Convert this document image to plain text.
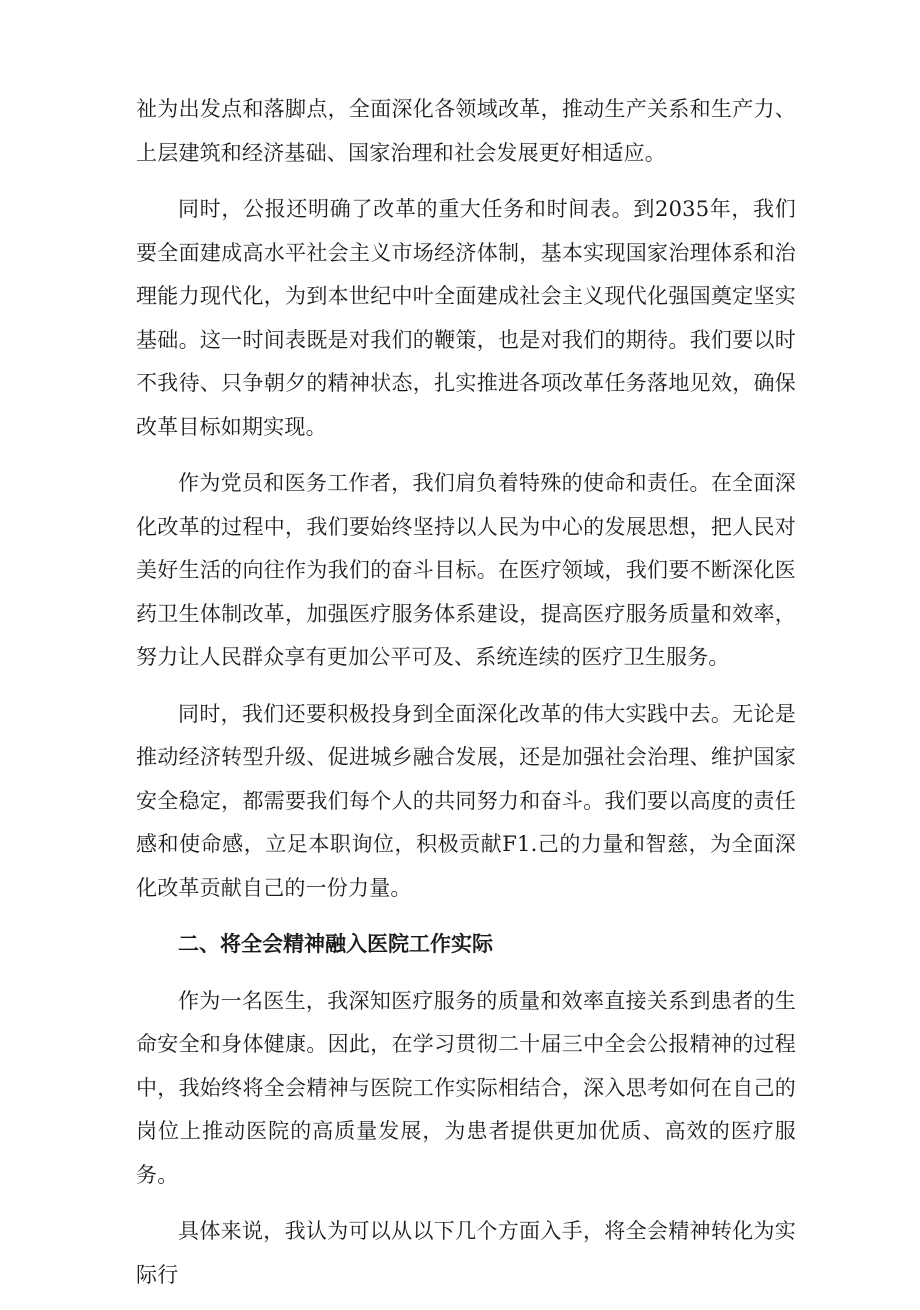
祉为出发点和落脚点，全面深化各领域改革，推动生产关系和生产力、上层建筑和经济基础、国家治理和社会发展更好相适应。

同时，公报还明确了改革的重大任务和时间表。到2035年，我们要全面建成高水平社会主义市场经济体制，基本实现国家治理体系和治理能力现代化，为到本世纪中叶全面建成社会主义现代化强国奠定坚实基础。这一时间表既是对我们的鞭策，也是对我们的期待。我们要以时不我待、只争朝夕的精神状态，扎实推进各项改革任务落地见效，确保改革目标如期实现。

作为党员和医务工作者，我们肩负着特殊的使命和责任。在全面深化改革的过程中，我们要始终坚持以人民为中心的发展思想，把人民对美好生活的向往作为我们的奋斗目标。在医疗领域，我们要不断深化医药卫生体制改革，加强医疗服务体系建设，提高医疗服务质量和效率，努力让人民群众享有更加公平可及、系统连续的医疗卫生服务。

同时，我们还要积极投身到全面深化改革的伟大实践中去。无论是推动经济转型升级、促进城乡融合发展，还是加强社会治理、维护国家安全稳定，都需要我们每个人的共同努力和奋斗。我们要以高度的责任感和使命感，立足本职询位，积极贡献F1.己的力量和智慈，为全面深化改革贡献自己的一份力量。

二、将全会精神融入医院工作实际

作为一名医生，我深知医疗服务的质量和效率直接关系到患者的生命安全和身体健康。因此，在学习贯彻二十届三中全会公报精神的过程中，我始终将全会精神与医院工作实际相结合，深入思考如何在自己的岗位上推动医院的高质量发展，为患者提供更加优质、高效的医疗服务。

具体来说，我认为可以从以下几个方面入手，将全会精神转化为实际行
